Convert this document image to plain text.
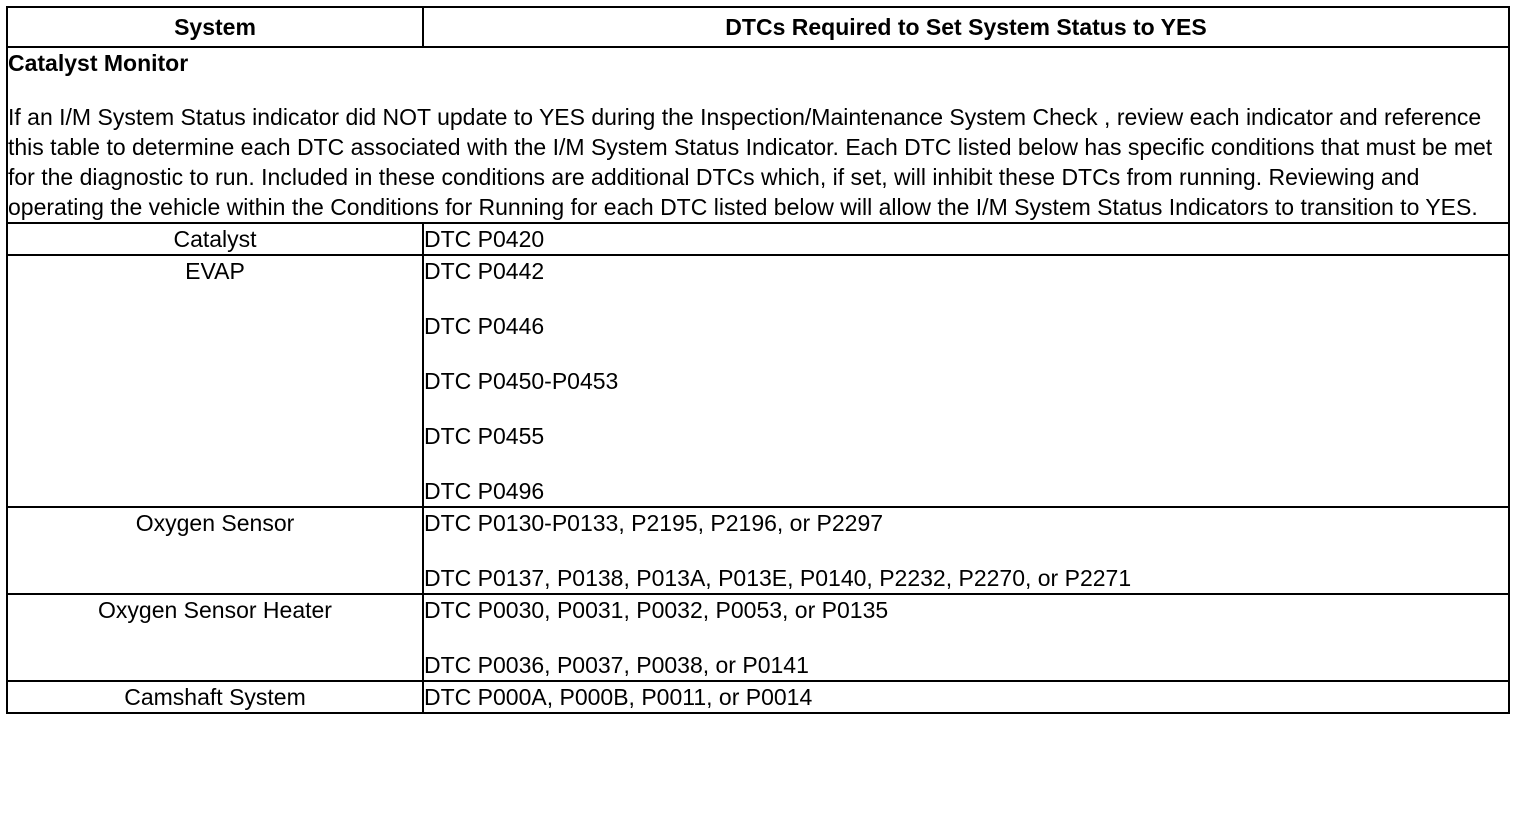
System	DTCs Required to Set System Status to YES

Catalyst Monitor

If an I/M System Status indicator did NOT update to YES during the Inspection/Maintenance System Check , review each indicator and reference this table to determine each DTC associated with the I/M System Status Indicator. Each DTC listed below has specific conditions that must be met for the diagnostic to run. Included in these conditions are additional DTCs which, if set, will inhibit these DTCs from running. Reviewing and operating the vehicle within the Conditions for Running for each DTC listed below will allow the I/M System Status Indicators to transition to YES.	

Catalyst	DTC P0420

EVAP	DTC P0442

DTC P0446

DTC P0450-P0453

DTC P0455

DTC P0496

Oxygen Sensor	DTC P0130-P0133, P2195, P2196, or P2297

DTC P0137, P0138, P013A, P013E, P0140, P2232, P2270, or P2271

Oxygen Sensor Heater	DTC P0030, P0031, P0032, P0053, or P0135

DTC P0036, P0037, P0038, or P0141

Camshaft System	DTC P000A, P000B, P0011, or P0014
